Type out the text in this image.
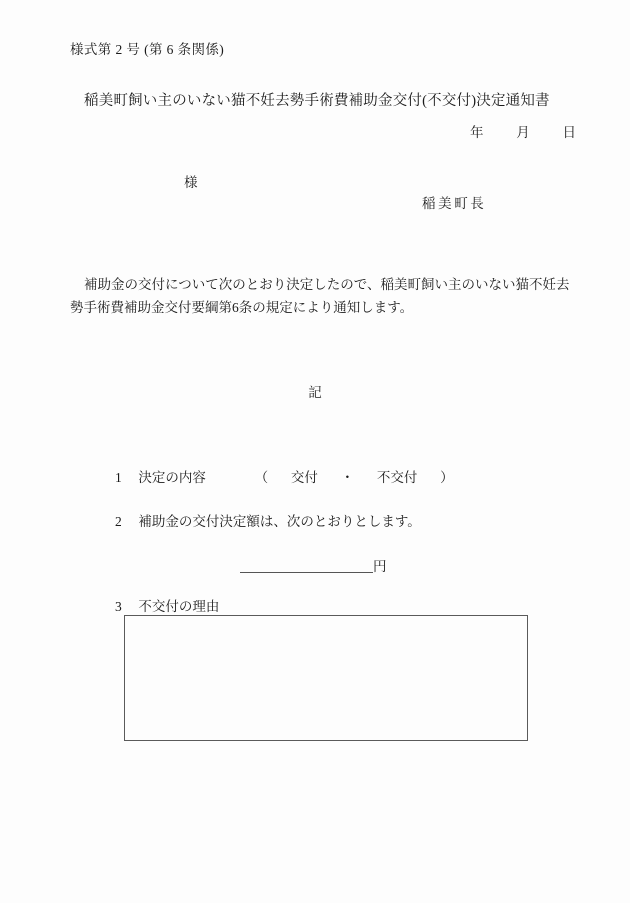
様式第 2 号 (第 6 条関係)
稲美町飼い主のいない猫不妊去勢手術費補助金交付(不交付)決定通知書
年 月 日
様
稲美町長
補助金の交付について次のとおり決定したので、稲美町飼い主のいない猫不妊去勢手術費補助金交付要綱第6条の規定により通知します。
記
1 決定の内容	（ 交付 ・ 不交付 ）
2 補助金の交付決定額は、次のとおりとします。
円
3 不交付の理由
